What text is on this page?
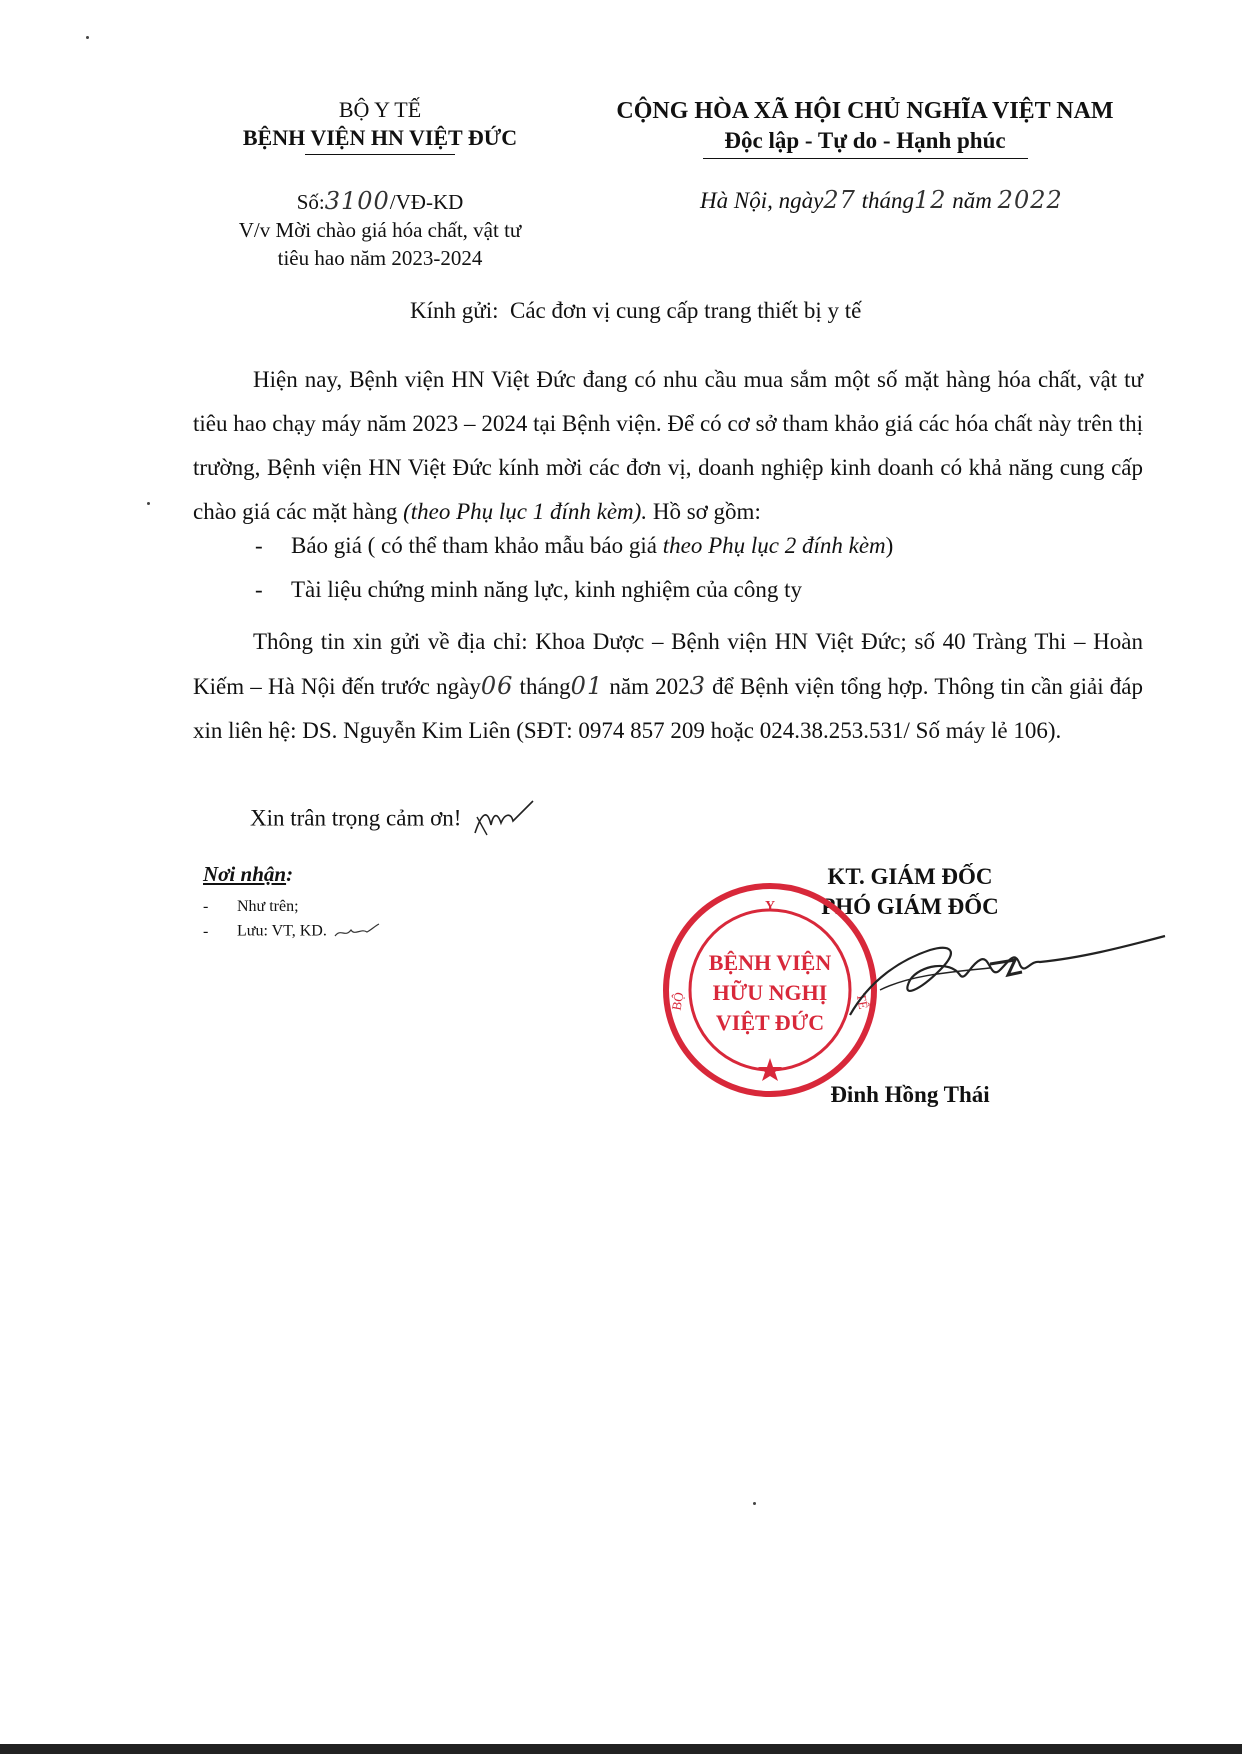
BỘ Y TẾ
BỆNH VIỆN HN VIỆT ĐỨC
CỘNG HÒA XÃ HỘI CHỦ NGHĨA VIỆT NAM
Độc lập - Tự do - Hạnh phúc
Số:3100/VĐ-KD
V/v Mời chào giá hóa chất, vật tư
tiêu hao năm 2023-2024
Hà Nội, ngày27 tháng12 năm 2022
Kính gửi: Các đơn vị cung cấp trang thiết bị y tế
Hiện nay, Bệnh viện HN Việt Đức đang có nhu cầu mua sắm một số mặt hàng hóa chất, vật tư tiêu hao chạy máy năm 2023 – 2024 tại Bệnh viện. Để có cơ sở tham khảo giá các hóa chất này trên thị trường, Bệnh viện HN Việt Đức kính mời các đơn vị, doanh nghiệp kinh doanh có khả năng cung cấp chào giá các mặt hàng (theo Phụ lục 1 đính kèm). Hồ sơ gồm:
- Báo giá ( có thể tham khảo mẫu báo giá theo Phụ lục 2 đính kèm)
- Tài liệu chứng minh năng lực, kinh nghiệm của công ty
Thông tin xin gửi về địa chỉ: Khoa Dược – Bệnh viện HN Việt Đức; số 40 Tràng Thi – Hoàn Kiếm – Hà Nội đến trước ngày06 tháng01 năm 2023 để Bệnh viện tổng hợp. Thông tin cần giải đáp xin liên hệ: DS. Nguyễn Kim Liên (SĐT: 0974 857 209 hoặc 024.38.253.531/ Số máy lẻ 106).
Xin trân trọng cảm ơn!
Nơi nhận:
- Như trên;
- Lưu: VT, KD.
KT. GIÁM ĐỐC
PHÓ GIÁM ĐỐC
Y
BỘ	TẾ
BỆNH VIỆN
HỮU NGHỊ
VIỆT ĐỨC
Đinh Hồng Thái
